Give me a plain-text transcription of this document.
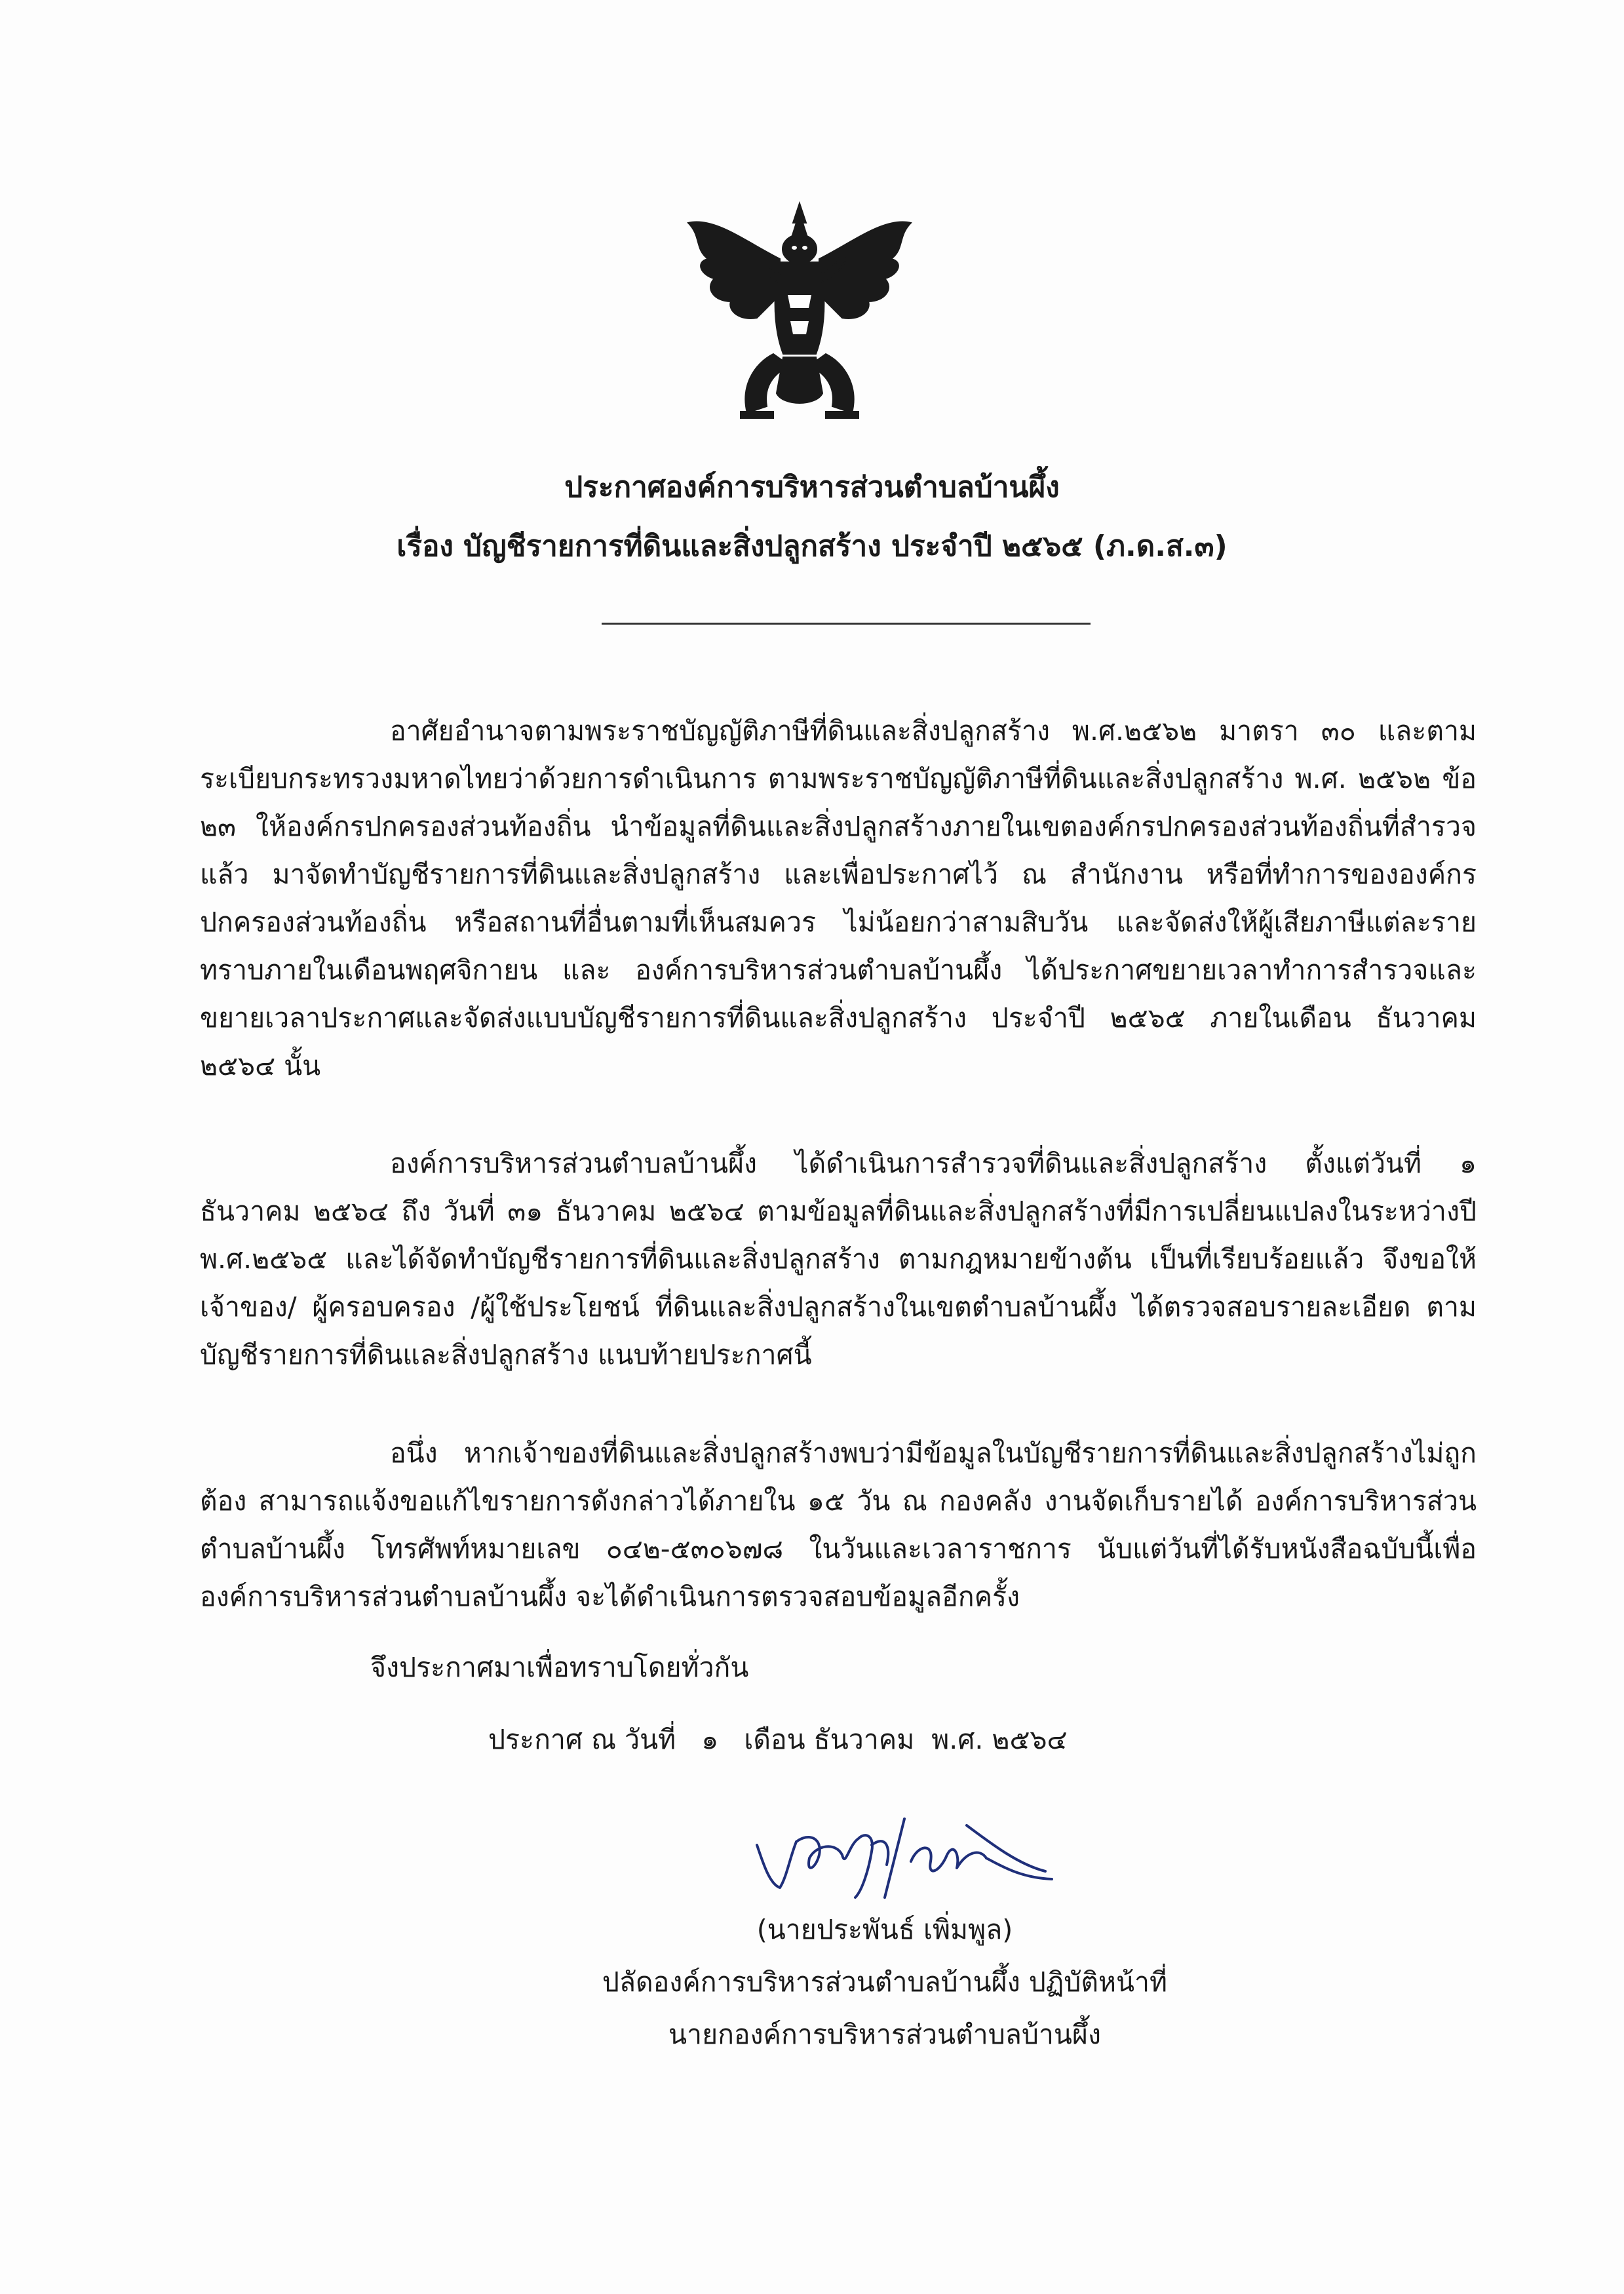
ประกาศองค์การบริหารส่วนตำบลบ้านผึ้ง
เรื่อง บัญชีรายการที่ดินและสิ่งปลูกสร้าง ประจำปี ๒๕๖๕ (ภ.ด.ส.๓)

อาศัยอำนาจตามพระราชบัญญัติภาษีที่ดินและสิ่งปลูกสร้าง พ.ศ.๒๕๖๒ มาตรา ๓๐ และตามระเบียบกระทรวงมหาดไทยว่าด้วยการดำเนินการ ตามพระราชบัญญัติภาษีที่ดินและสิ่งปลูกสร้าง พ.ศ. ๒๕๖๒ ข้อ ๒๓ ให้องค์กรปกครองส่วนท้องถิ่น นำข้อมูลที่ดินและสิ่งปลูกสร้างภายในเขตองค์กรปกครองส่วนท้องถิ่นที่สำรวจแล้ว มาจัดทำบัญชีรายการที่ดินและสิ่งปลูกสร้าง และเพื่อประกาศไว้ ณ สำนักงาน หรือที่ทำการขององค์กรปกครองส่วนท้องถิ่น หรือสถานที่อื่นตามที่เห็นสมควร ไม่น้อยกว่าสามสิบวัน และจัดส่งให้ผู้เสียภาษีแต่ละรายทราบภายในเดือนพฤศจิกายน และ องค์การบริหารส่วนตำบลบ้านผึ้ง ได้ประกาศขยายเวลาทำการสำรวจและขยายเวลาประกาศและจัดส่งแบบบัญชีรายการที่ดินและสิ่งปลูกสร้าง ประจำปี ๒๕๖๕ ภายในเดือน ธันวาคม ๒๕๖๔ นั้น

องค์การบริหารส่วนตำบลบ้านผึ้ง ได้ดำเนินการสำรวจที่ดินและสิ่งปลูกสร้าง ตั้งแต่วันที่ ๑ ธันวาคม ๒๕๖๔ ถึง วันที่ ๓๑ ธันวาคม ๒๕๖๔ ตามข้อมูลที่ดินและสิ่งปลูกสร้างที่มีการเปลี่ยนแปลงในระหว่างปี พ.ศ.๒๕๖๕ และได้จัดทำบัญชีรายการที่ดินและสิ่งปลูกสร้าง ตามกฎหมายข้างต้น เป็นที่เรียบร้อยแล้ว จึงขอให้ เจ้าของ/ ผู้ครอบครอง /ผู้ใช้ประโยชน์ ที่ดินและสิ่งปลูกสร้างในเขตตำบลบ้านผึ้ง ได้ตรวจสอบรายละเอียด ตามบัญชีรายการที่ดินและสิ่งปลูกสร้าง แนบท้ายประกาศนี้

อนึ่ง หากเจ้าของที่ดินและสิ่งปลูกสร้างพบว่ามีข้อมูลในบัญชีรายการที่ดินและสิ่งปลูกสร้างไม่ถูกต้อง สามารถแจ้งขอแก้ไขรายการดังกล่าวได้ภายใน ๑๕ วัน ณ กองคลัง งานจัดเก็บรายได้ องค์การบริหารส่วนตำบลบ้านผึ้ง โทรศัพท์หมายเลข ๐๔๒-๕๓๐๖๗๘ ในวันและเวลาราชการ นับแต่วันที่ได้รับหนังสือฉบับนี้เพื่อองค์การบริหารส่วนตำบลบ้านผึ้ง จะได้ดำเนินการตรวจสอบข้อมูลอีกครั้ง

จึงประกาศมาเพื่อทราบโดยทั่วกัน
ประกาศ ณ วันที่   ๑   เดือน ธันวาคม  พ.ศ. ๒๕๖๔
(นายประพันธ์ เพิ่มพูล)
ปลัดองค์การบริหารส่วนตำบลบ้านผึ้ง ปฏิบัติหน้าที่
นายกองค์การบริหารส่วนตำบลบ้านผึ้ง
